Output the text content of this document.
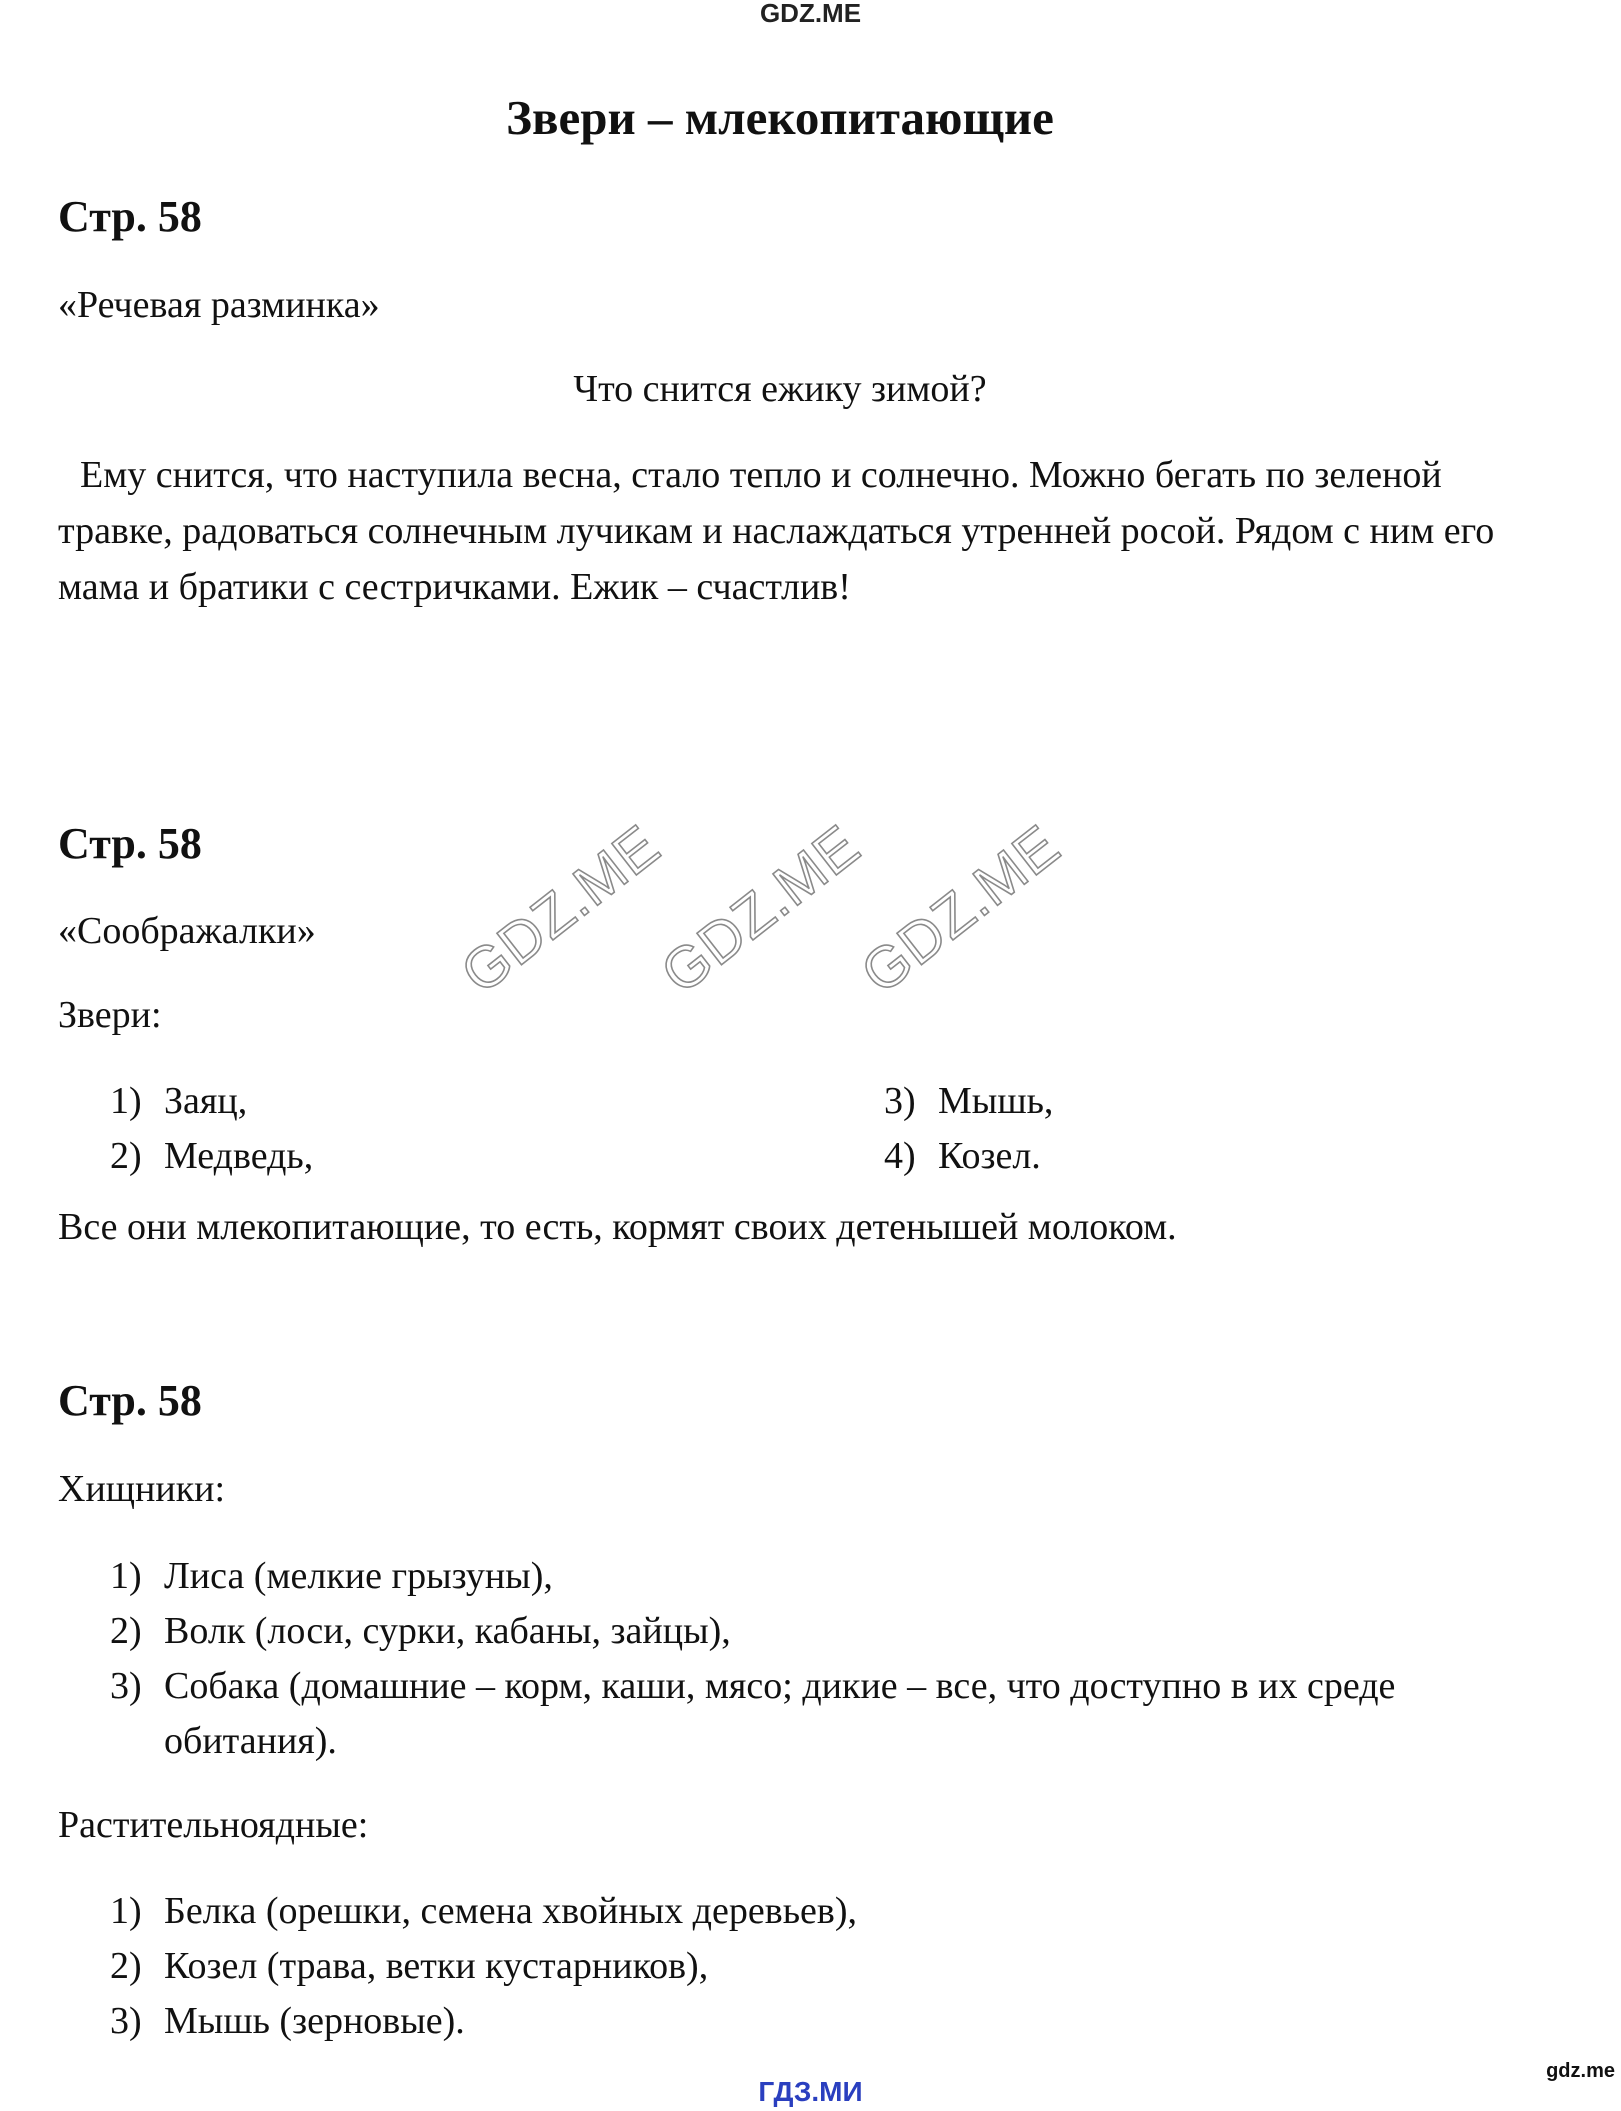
GDZ.ME
Звери – млекопитающие
Стр. 58
«Речевая разминка»
Что снится ежику зимой?
Ему снится, что наступила весна, стало тепло и солнечно. Можно бегать по зеленой травке, радоваться солнечным лучикам и наслаждаться утренней росой. Рядом с ним его мама и братики с сестричками. Ежик – счастлив!
Стр. 58
«Соображалки»
Звери:
1) Заяц,
2) Медведь,
3) Мышь,
4) Козел.
Все они млекопитающие, то есть, кормят своих детенышей молоком.
Стр. 58
Хищники:
1) Лиса (мелкие грызуны),
2) Волк (лоси, сурки, кабаны, зайцы),
3) Собака (домашние – корм, каши, мясо; дикие – все, что доступно в их среде обитания).
Растительноядные:
1) Белка (орешки, семена хвойных деревьев),
2) Козел (трава, ветки кустарников),
3) Мышь (зерновые).
GDZ.ME
GDZ.ME
GDZ.ME
ГДЗ.МИ
gdz.me
